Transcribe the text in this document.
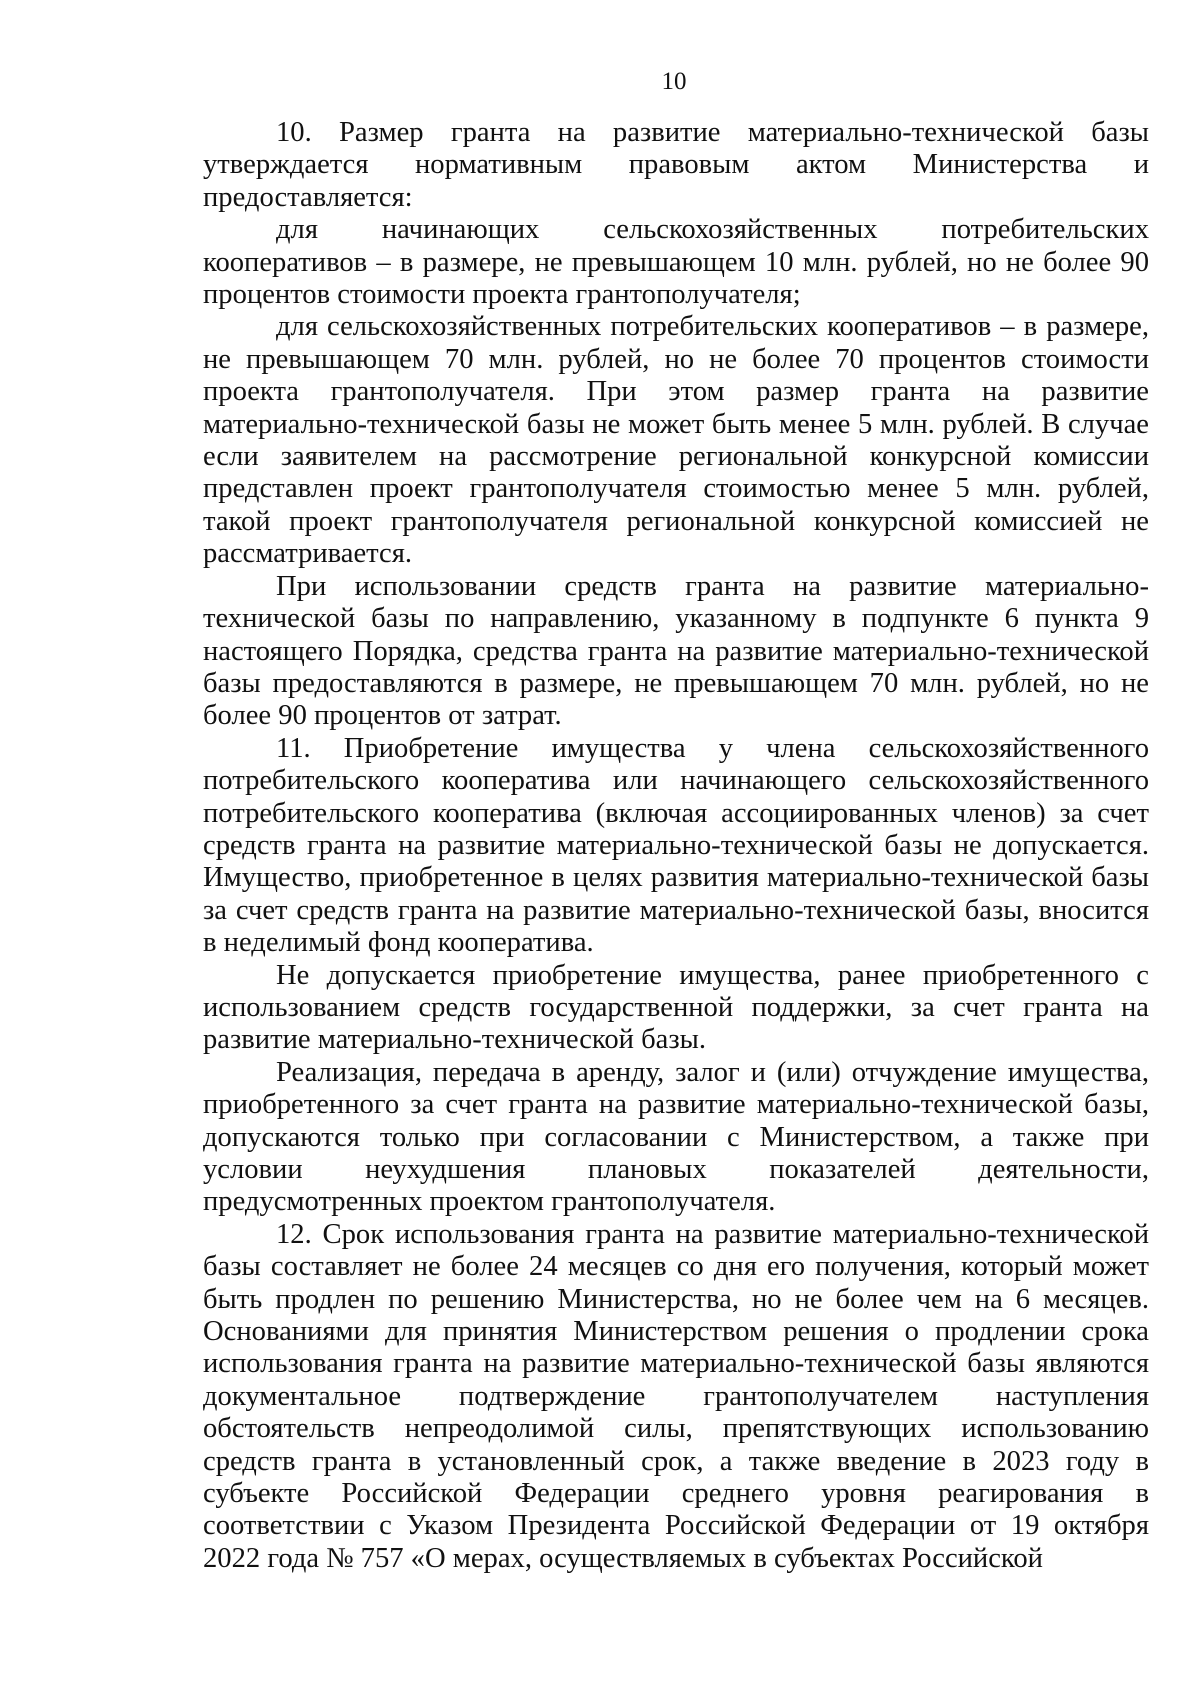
10

10. Размер гранта на развитие материально-технической базы утверждается нормативным правовым актом Министерства и предоставляется:

для начинающих сельскохозяйственных потребительских кооперативов – в размере, не превышающем 10 млн. рублей, но не более 90 процентов стоимости проекта грантополучателя;

для сельскохозяйственных потребительских кооперативов – в размере, не превышающем 70 млн. рублей, но не более 70 процентов стоимости проекта грантополучателя. При этом размер гранта на развитие материально-технической базы не может быть менее 5 млн. рублей. В случае если заявителем на рассмотрение региональной конкурсной комиссии представлен проект грантополучателя стоимостью менее 5 млн. рублей, такой проект грантополучателя региональной конкурсной комиссией не рассматривается.

При использовании средств гранта на развитие материально-технической базы по направлению, указанному в подпункте 6 пункта 9 настоящего Порядка, средства гранта на развитие материально-технической базы предоставляются в размере, не превышающем 70 млн. рублей, но не более 90 процентов от затрат.

11. Приобретение имущества у члена сельскохозяйственного потребительского кооператива или начинающего сельскохозяйственного потребительского кооператива (включая ассоциированных членов) за счет средств гранта на развитие материально-технической базы не допускается. Имущество, приобретенное в целях развития материально-технической базы за счет средств гранта на развитие материально-технической базы, вносится в неделимый фонд кооператива.

Не допускается приобретение имущества, ранее приобретенного с использованием средств государственной поддержки, за счет гранта на развитие материально-технической базы.

Реализация, передача в аренду, залог и (или) отчуждение имущества, приобретенного за счет гранта на развитие материально-технической базы, допускаются только при согласовании с Министерством, а также при условии неухудшения плановых показателей деятельности, предусмотренных проектом грантополучателя.

12. Срок использования гранта на развитие материально-технической базы составляет не более 24 месяцев со дня его получения, который может быть продлен по решению Министерства, но не более чем на 6 месяцев. Основаниями для принятия Министерством решения о продлении срока использования гранта на развитие материально-технической базы являются документальное подтверждение грантополучателем наступления обстоятельств непреодолимой силы, препятствующих использованию средств гранта в установленный срок, а также введение в 2023 году в субъекте Российской Федерации среднего уровня реагирования в соответствии с Указом Президента Российской Федерации от 19 октября 2022 года № 757 «О мерах, осуществляемых в субъектах Российской
